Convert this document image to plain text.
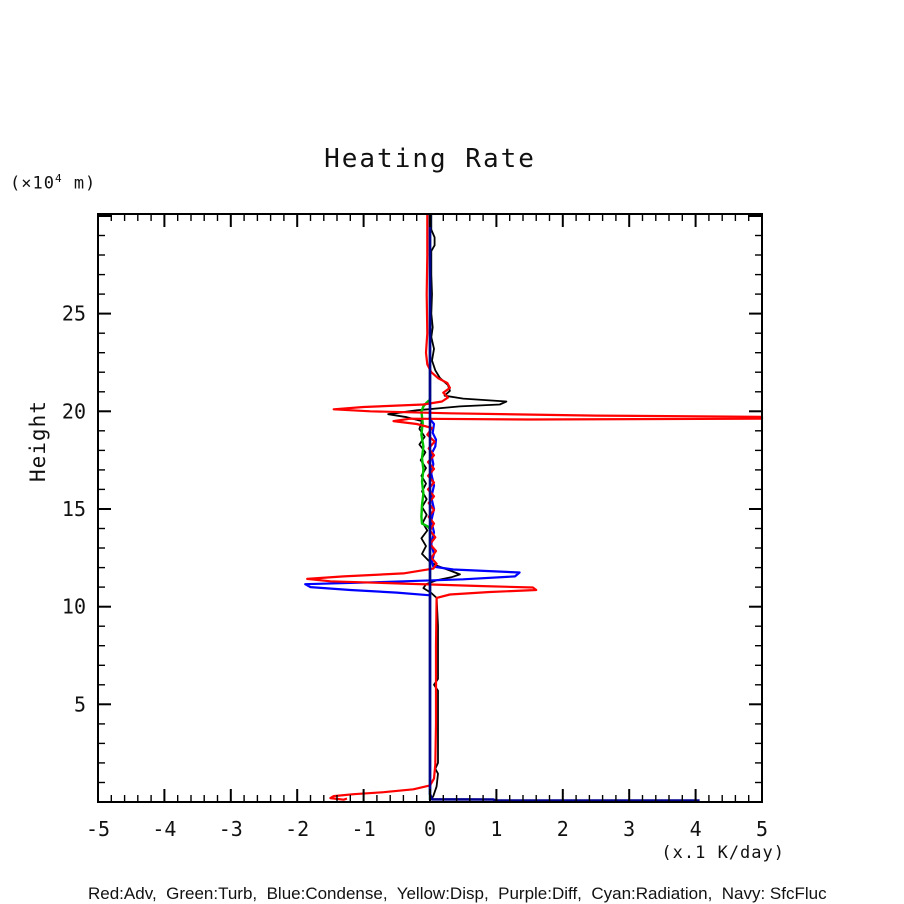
-5 -4 -3 -2 -1 0	1	2	3	4	5
5
10
15
20
25
Heating Rate
($\times 10^4$ m)
Height
(x.1 K/day)
Red:Adv,  Green:Turb,  Blue:Condense,  Yellow:Disp,  Purple:Diff,  Cyan:Radiation,  Navy: SfcFluc
